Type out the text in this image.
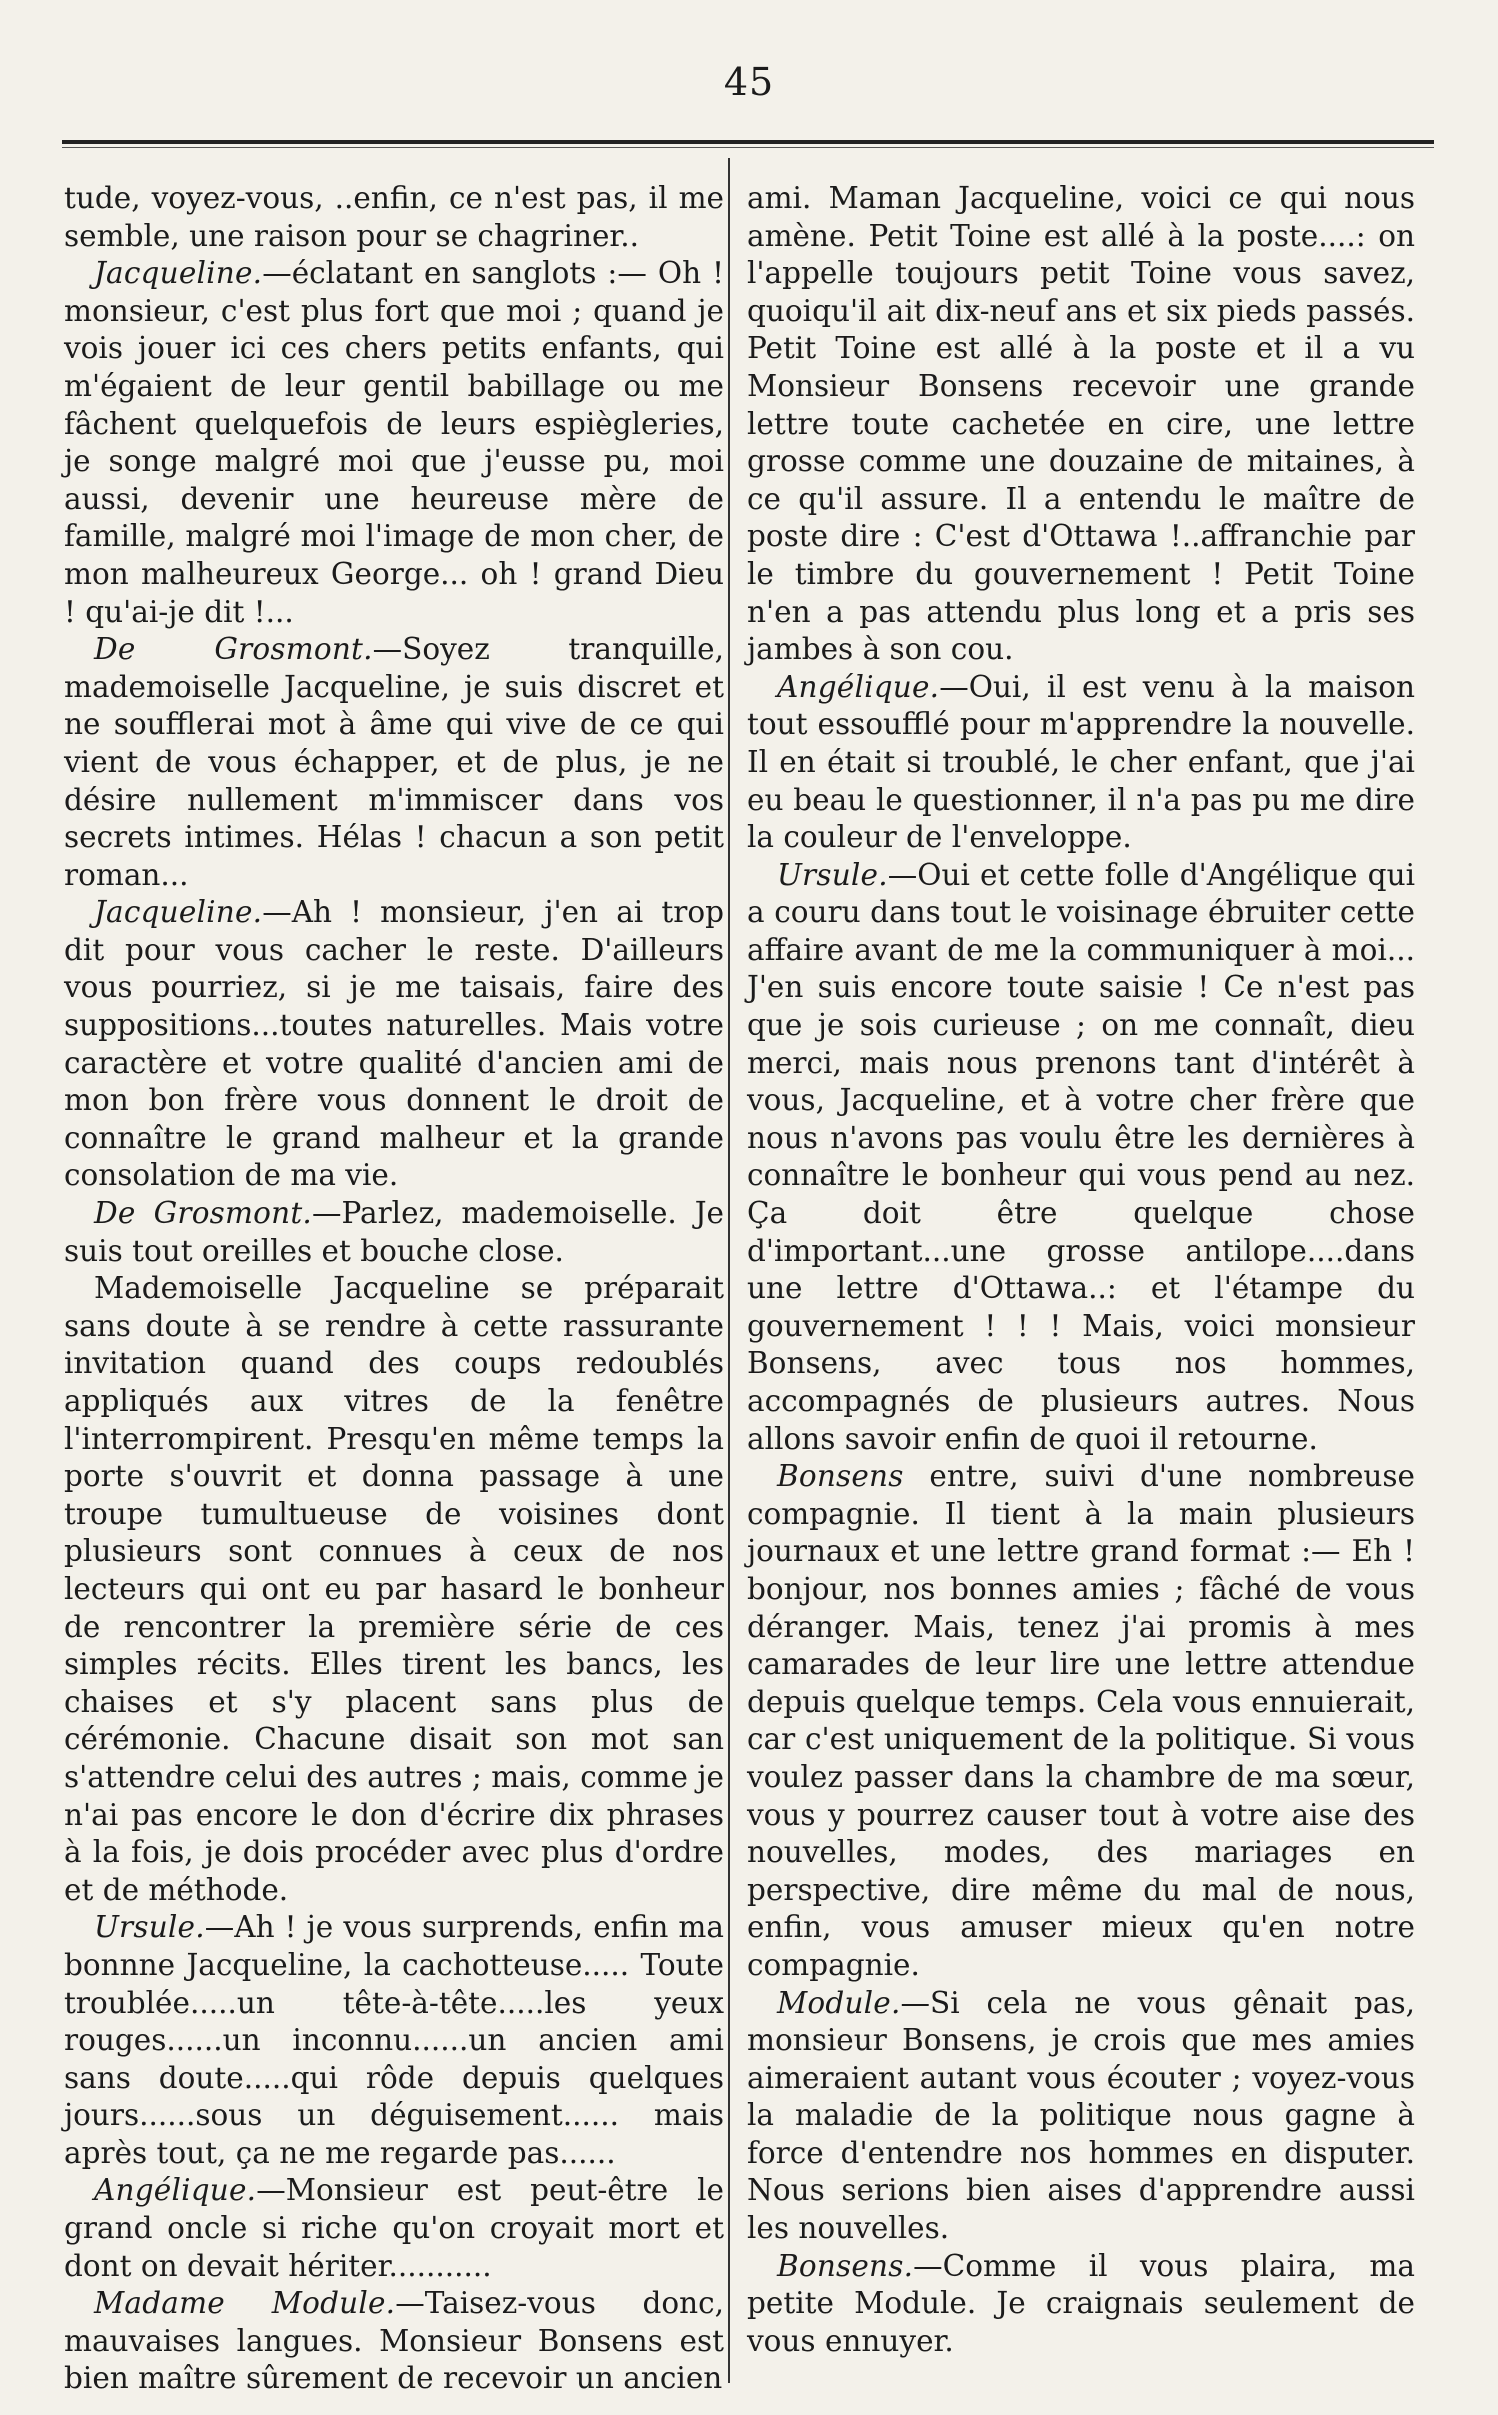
45

tude, voyez-vous, ..enfin, ce n'est pas, il me semble, une raison pour se chagriner..

Jacqueline.—éclatant en sanglots :— Oh ! monsieur, c'est plus fort que moi ; quand je vois jouer ici ces chers petits enfants, qui m'égaient de leur gentil babillage ou me fâchent quelquefois de leurs espiègleries, je songe malgré moi que j'eusse pu, moi aussi, devenir une heureuse mère de famille, malgré moi l'image de mon cher, de mon malheureux George... oh ! grand Dieu ! qu'ai-je dit !...

De Grosmont.—Soyez tranquille, mademoiselle Jacqueline, je suis discret et ne soufflerai mot à âme qui vive de ce qui vient de vous échapper, et de plus, je ne désire nullement m'immiscer dans vos secrets intimes. Hélas ! chacun a son petit roman...

Jacqueline.—Ah ! monsieur, j'en ai trop dit pour vous cacher le reste. D'ailleurs vous pourriez, si je me taisais, faire des suppositions...toutes naturelles. Mais votre caractère et votre qualité d'ancien ami de mon bon frère vous donnent le droit de connaître le grand malheur et la grande consolation de ma vie.

De Grosmont.—Parlez, mademoiselle. Je suis tout oreilles et bouche close.

Mademoiselle Jacqueline se préparait sans doute à se rendre à cette rassurante invitation quand des coups redoublés appliqués aux vitres de la fenêtre l'interrompirent. Presqu'en même temps la porte s'ouvrit et donna passage à une troupe tumultueuse de voisines dont plusieurs sont connues à ceux de nos lecteurs qui ont eu par hasard le bonheur de rencontrer la première série de ces simples récits. Elles tirent les bancs, les chaises et s'y placent sans plus de cérémonie. Chacune disait son mot san s'attendre celui des autres ; mais, comme je n'ai pas encore le don d'écrire dix phrases à la fois, je dois procéder avec plus d'ordre et de méthode.

Ursule.—Ah ! je vous surprends, enfin ma bonnne Jacqueline, la cachotteuse..... Toute troublée.....un tête-à-tête.....les yeux rouges......un inconnu......un ancien ami sans doute.....qui rôde depuis quelques jours......sous un déguisement...... mais après tout, ça ne me regarde pas......

Angélique.—Monsieur est peut-être le grand oncle si riche qu'on croyait mort et dont on devait hériter...........

Madame Module.—Taisez-vous donc, mauvaises langues. Monsieur Bonsens est bien maître sûrement de recevoir un ancien

ami. Maman Jacqueline, voici ce qui nous amène. Petit Toine est allé à la poste....: on l'appelle toujours petit Toine vous savez, quoiqu'il ait dix-neuf ans et six pieds passés. Petit Toine est allé à la poste et il a vu Monsieur Bonsens recevoir une grande lettre toute cachetée en cire, une lettre grosse comme une douzaine de mitaines, à ce qu'il assure. Il a entendu le maître de poste dire : C'est d'Ottawa !..affranchie par le timbre du gouvernement ! Petit Toine n'en a pas attendu plus long et a pris ses jambes à son cou.

Angélique.—Oui, il est venu à la maison tout essoufflé pour m'apprendre la nouvelle. Il en était si troublé, le cher enfant, que j'ai eu beau le questionner, il n'a pas pu me dire la couleur de l'enveloppe.

Ursule.—Oui et cette folle d'Angélique qui a couru dans tout le voisinage ébruiter cette affaire avant de me la communiquer à moi... J'en suis encore toute saisie ! Ce n'est pas que je sois curieuse ; on me connaît, dieu merci, mais nous prenons tant d'intérêt à vous, Jacqueline, et à votre cher frère que nous n'avons pas voulu être les dernières à connaître le bonheur qui vous pend au nez. Ça doit être quelque chose d'important...une grosse antilope....dans une lettre d'Ottawa..: et l'étampe du gouvernement ! ! ! Mais, voici monsieur Bonsens, avec tous nos hommes, accompagnés de plusieurs autres. Nous allons savoir enfin de quoi il retourne.

Bonsens entre, suivi d'une nombreuse compagnie. Il tient à la main plusieurs journaux et une lettre grand format :— Eh ! bonjour, nos bonnes amies ; fâché de vous déranger. Mais, tenez j'ai promis à mes camarades de leur lire une lettre attendue depuis quelque temps. Cela vous ennuierait, car c'est uniquement de la politique. Si vous voulez passer dans la chambre de ma sœur, vous y pourrez causer tout à votre aise des nouvelles, modes, des mariages en perspective, dire même du mal de nous, enfin, vous amuser mieux qu'en notre compagnie.

Module.—Si cela ne vous gênait pas, monsieur Bonsens, je crois que mes amies aimeraient autant vous écouter ; voyez-vous la maladie de la politique nous gagne à force d'entendre nos hommes en disputer. Nous serions bien aises d'apprendre aussi les nouvelles.

Bonsens.—Comme il vous plaira, ma petite Module. Je craignais seulement de vous ennuyer.
